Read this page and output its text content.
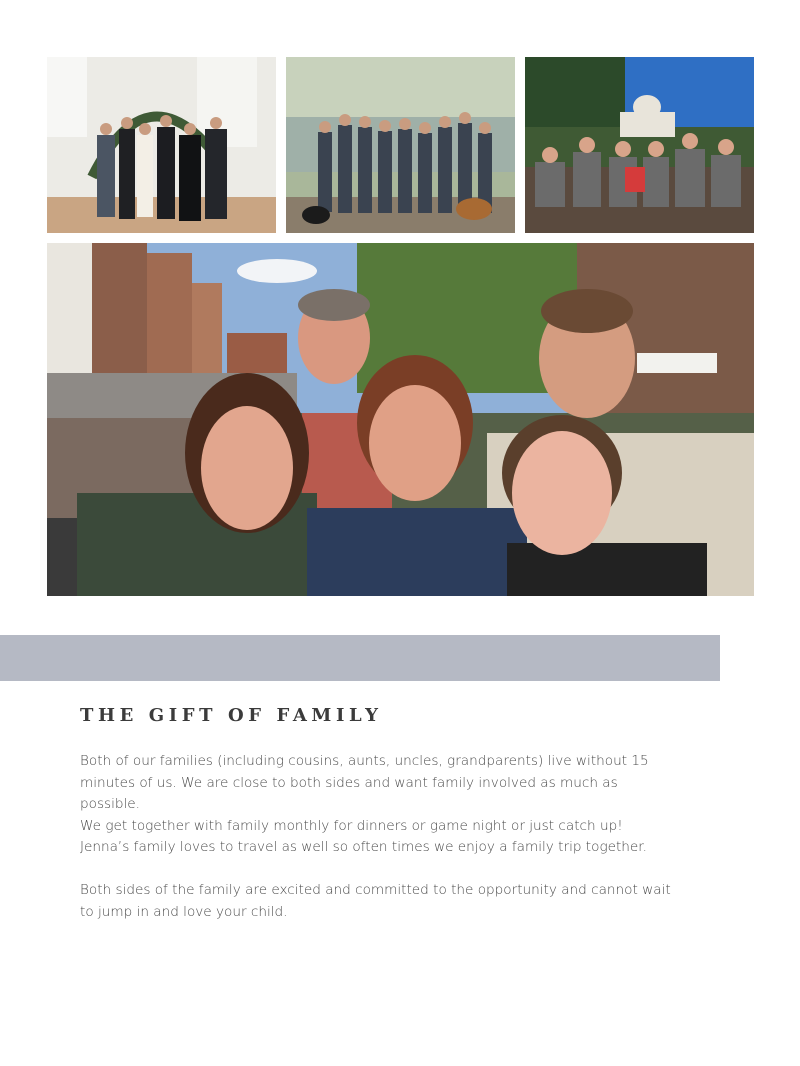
THE GIFT OF FAMILY

Both of our families (including cousins, aunts, uncles, grandparents) live without 15 minutes of us. We are close to both sides and want family involved as much as possible.

We get together with family monthly for dinners or game night or just catch up!

Jenna’s family loves to travel as well so often times we enjoy a family trip together.

Both sides of the family are excited and committed to the opportunity and cannot wait to jump in and love your child.
